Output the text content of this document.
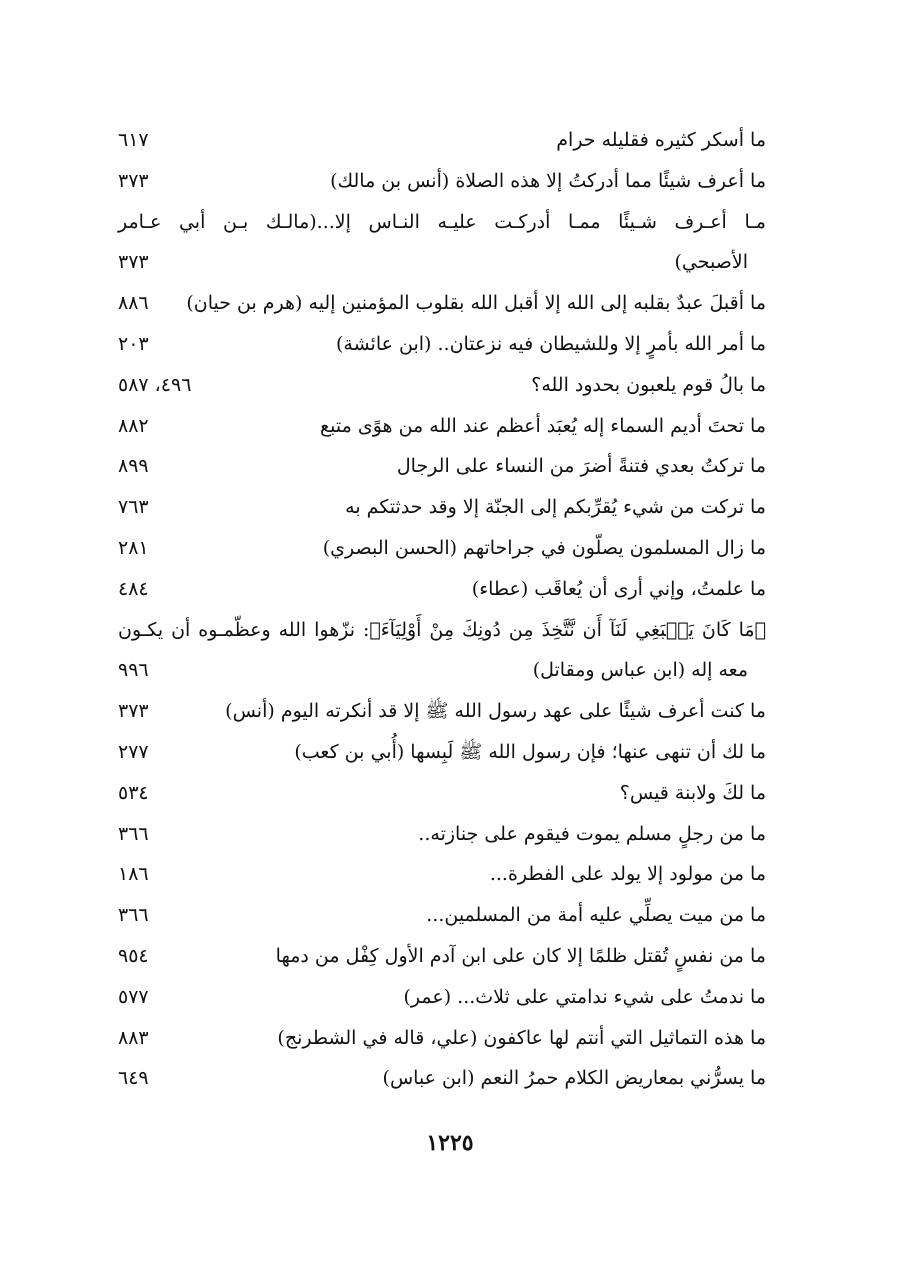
ما أسكر كثيره فقليله حرام
٦١٧
ما أعرف شيئًا مما أدركتُ إلا هذه الصلاة (أنس بن مالك)
٣٧٣
مـا أعـرف شـيئًا ممـا أدركـت عليـه النـاس إلا...(مالـك بـن أبي عـامر
الأصبحي)
٣٧٣
ما أقبلَ عبدٌ بقلبه إلى الله إلا أقبل الله بقلوب المؤمنين إليه (هرم بن حيان)
٨٨٦
ما أمر الله بأمرٍ إلا وللشيطان فيه نزعتان.. (ابن عائشة)
٢٠٣
ما بالُ قوم يلعبون بحدود الله؟
٤٩٦، ٥٨٧
ما تحتَ أديم السماء إله يُعبَد أعظم عند الله من هوًى متبع
٨٨٢
ما تركتُ بعدي فتنةً أضرَ من النساء على الرجال
٨٩٩
ما تركت من شيء يُقرِّبكم إلى الجنّة إلا وقد حدثتكم به
٧٦٣
ما زال المسلمون يصلّون في جراحاتهم (الحسن البصري)
٢٨١
ما علمتُ، وإني أرى أن يُعاقَب (عطاء)
٤٨٤
﴿مَا كَانَ يَنۢبَغِي لَنَآ أَن نَّتَّخِذَ مِن دُونِكَ مِنْ أَوْلِيَآءَ﴾: نزّهوا الله وعظّمـوه أن يكـون
معه إله (ابن عباس ومقاتل)
٩٩٦
ما كنت أعرف شيئًا على عهد رسول الله ﷺ إلا قد أنكرته اليوم (أنس)
٣٧٣
ما لك أن تنهى عنها؛ فإن رسول الله ﷺ لَبِسها (أُبي بن كعب)
٢٧٧
ما لكَ ولابنة قيس؟
٥٣٤
ما من رجلٍ مسلم يموت فيقوم على جنازته..
٣٦٦
ما من مولود إلا يولد على الفطرة...
١٨٦
ما من ميت يصلِّي عليه أمة من المسلمين...
٣٦٦
ما من نفسٍ تُقتل ظلمًا إلا كان على ابن آدم الأول كِفْل من دمها
٩٥٤
ما ندمتُ على شيء ندامتي على ثلاث... (عمر)
٥٧٧
ما هذه التماثيل التي أنتم لها عاكفون (علي، قاله في الشطرنج)
٨٨٣
ما يسرُّني بمعاريض الكلام حمرُ النعم (ابن عباس)
٦٤٩
١٢٢٥
